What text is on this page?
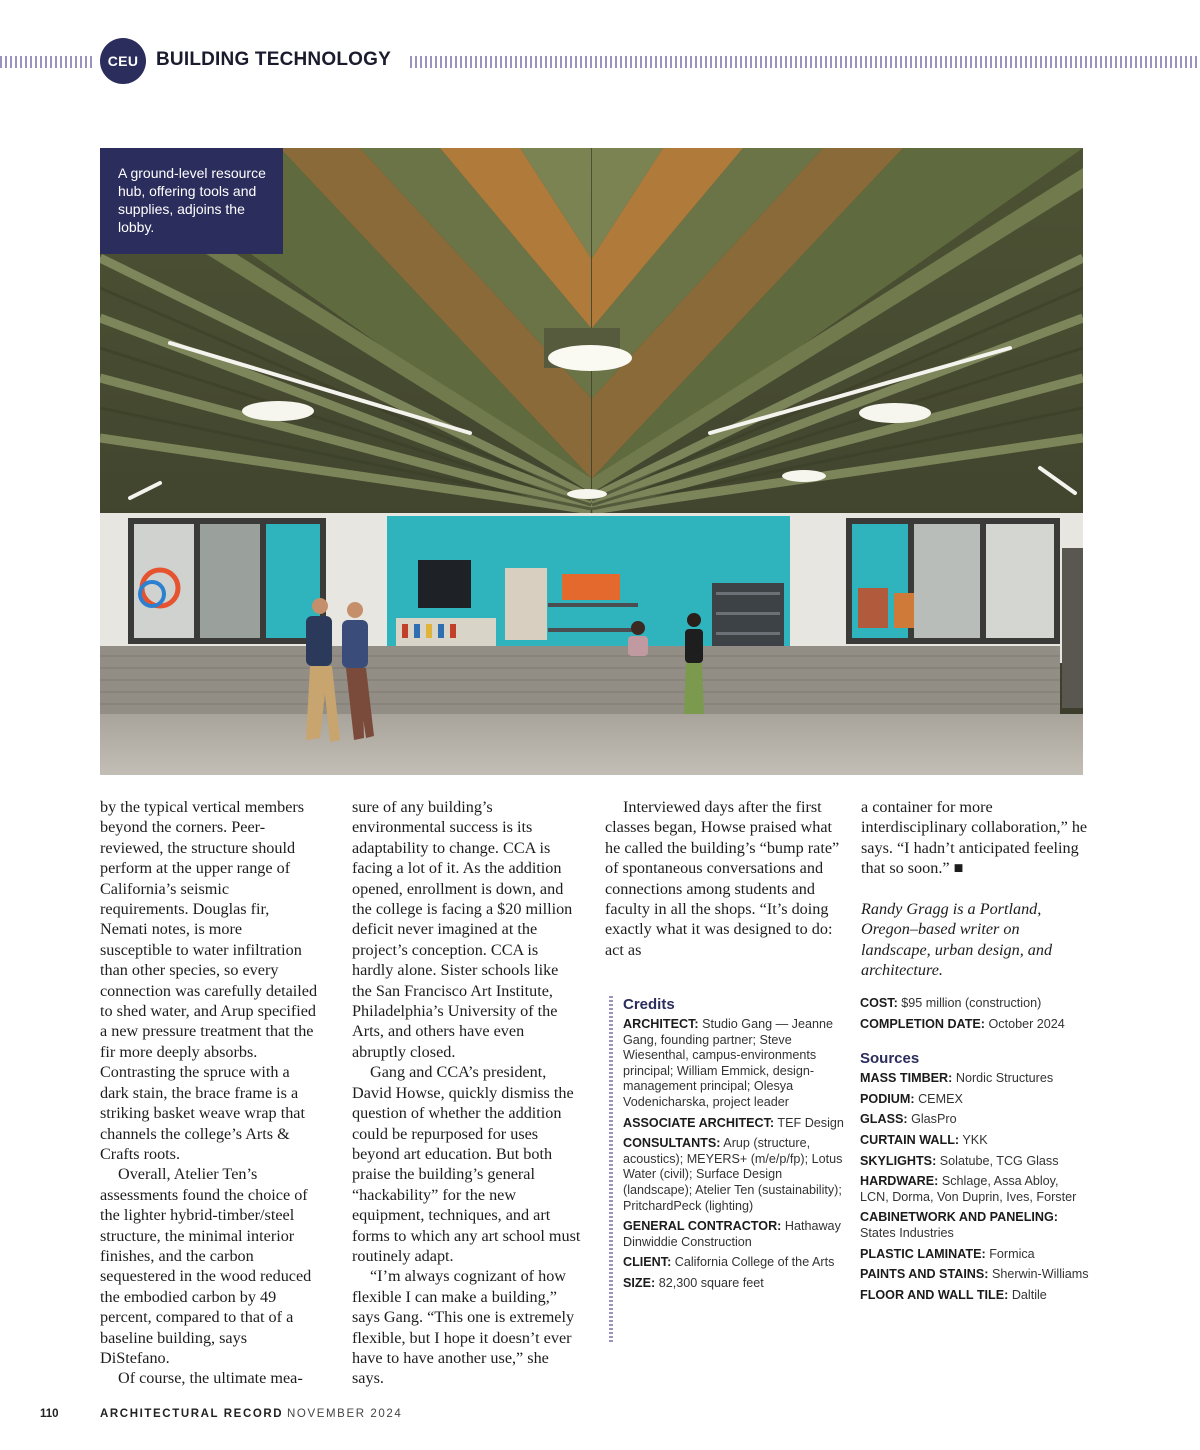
CEU BUILDING TECHNOLOGY
A ground-level resource hub, offering tools and supplies, adjoins the lobby.

by the typical vertical members beyond the corners. Peer-reviewed, the structure should perform at the upper range of California’s seismic requirements. Douglas fir, Nemati notes, is more susceptible to water infiltration than other species, so every connection was carefully detailed to shed water, and Arup specified a new pressure treatment that the fir more deeply absorbs. Contrasting the spruce with a dark stain, the brace frame is a striking basket weave wrap that channels the college’s Arts & Crafts roots.

Overall, Atelier Ten’s assessments found the choice of the lighter hybrid-timber/steel structure, the minimal interior finishes, and the carbon sequestered in the wood reduced the embodied carbon by 49 percent, compared to that of a baseline building, says DiStefano.

Of course, the ultimate mea-

sure of any building’s environmental success is its adaptability to change. CCA is facing a lot of it. As the addition opened, enrollment is down, and the college is facing a $20 million deficit never imagined at the project’s conception. CCA is hardly alone. Sister schools like the San Francisco Art Institute, Philadelphia’s University of the Arts, and others have even abruptly closed.

Gang and CCA’s president, David Howse, quickly dismiss the question of whether the addition could be repurposed for uses beyond art education. But both praise the building’s general “hackability” for the new equipment, techniques, and art forms to which any art school must routinely adapt.

“I’m always cognizant of how flexible I can make a building,” says Gang. “This one is extremely flexible, but I hope it doesn’t ever have to have another use,” she says.

Interviewed days after the first classes began, Howse praised what he called the building’s “bump rate” of spontaneous conversations and connections among students and faculty in all the shops. “It’s doing exactly what it was designed to do: act as

a container for more interdisciplinary collaboration,” he says. “I hadn’t anticipated feeling that so soon.” ■

Randy Gragg is a Portland, Oregon–based writer on landscape, urban design, and architecture.
Credits
ARCHITECT: Studio Gang — Jeanne Gang, founding partner; Steve Wiesenthal, campus-environments principal; William Emmick, design-management principal; Olesya Vodenicharska, project leader
ASSOCIATE ARCHITECT: TEF Design
CONSULTANTS: Arup (structure, acoustics); MEYERS+ (m/e/p/fp); Lotus Water (civil); Surface Design (landscape); Atelier Ten (sustainability); PritchardPeck (lighting)
GENERAL CONTRACTOR: Hathaway Dinwiddie Construction
CLIENT: California College of the Arts
SIZE: 82,300 square feet
COST: $95 million (construction)
COMPLETION DATE: October 2024
Sources
MASS TIMBER: Nordic Structures
PODIUM: CEMEX
GLASS: GlasPro
CURTAIN WALL: YKK
SKYLIGHTS: Solatube, TCG Glass
HARDWARE: Schlage, Assa Abloy, LCN, Dorma, Von Duprin, Ives, Forster
CABINETWORK AND PANELING: States Industries
PLASTIC LAMINATE: Formica
PAINTS AND STAINS: Sherwin-Williams
FLOOR AND WALL TILE: Daltile
110	ARCHITECTURAL RECORD NOVEMBER 2024
